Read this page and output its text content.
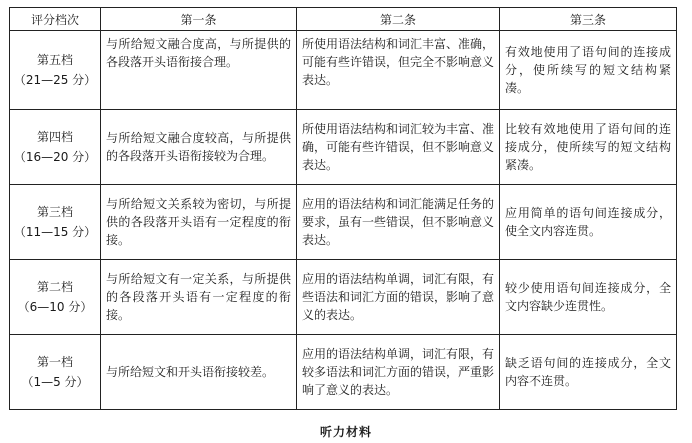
评分档次	第一条	第二条	第三条

第五档
（21—25 分）	与所给短文融合度高，与所提供的各段落开头语衔接合理。	所使用语法结构和词汇丰富、准确，可能有些许错误，但完全不影响意义表达。	有效地使用了语句间的连接成分，使所续写的短文结构紧凑。

第四档
（16—20 分）	与所给短文融合度较高，与所提供的各段落开头语衔接较为合理。	所使用语法结构和词汇较为丰富、准确，可能有些许错误，但不影响意义表达。	比较有效地使用了语句间的连接成分，使所续写的短文结构紧凑。

第三档
（11—15 分）	与所给短文关系较为密切，与所提供的各段落开头语有一定程度的衔接。	应用的语法结构和词汇能满足任务的要求，虽有一些错误，但不影响意义表达。	应用简单的语句间连接成分，使全文内容连贯。

第二档
（6—10 分）	与所给短文有一定关系，与所提供的各段落开头语有一定程度的衔接。	应用的语法结构单调，词汇有限，有些语法和词汇方面的错误，影响了意义的表达。	较少使用语句间连接成分，全文内容缺少连贯性。

第一档
（1—5 分）	与所给短文和开头语衔接较差。	应用的语法结构单调，词汇有限，有较多语法和词汇方面的错误，严重影响了意义的表达。	缺乏语句间的连接成分，全文内容不连贯。
听力材料
